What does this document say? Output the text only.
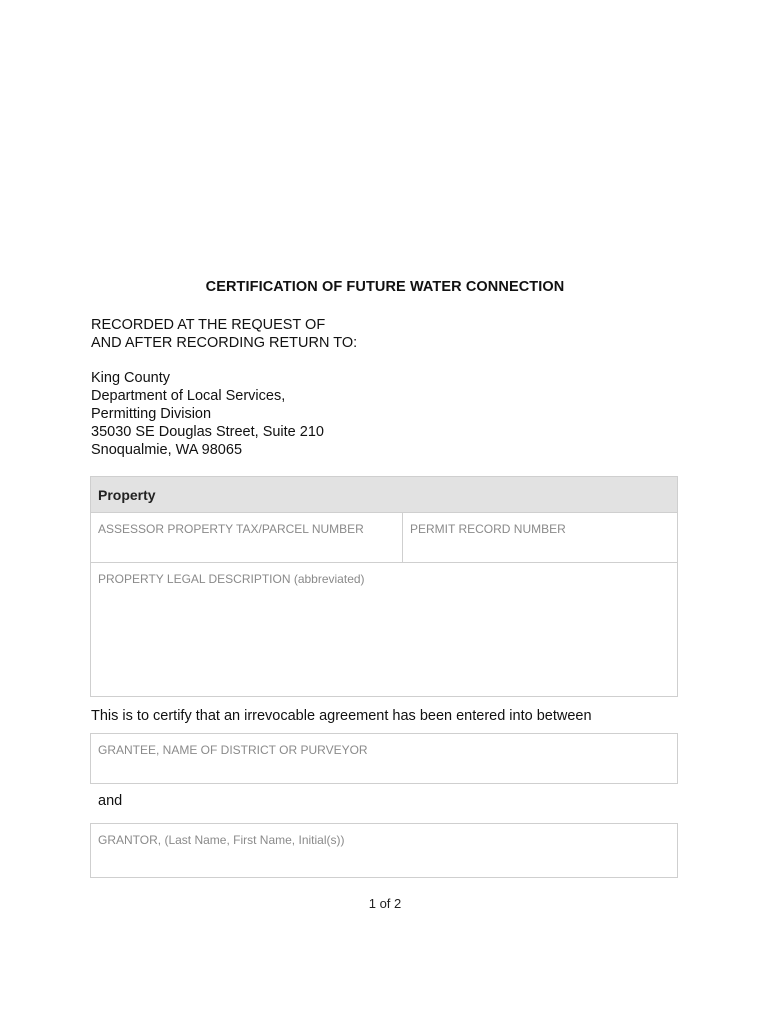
CERTIFICATION OF FUTURE WATER CONNECTION
RECORDED AT THE REQUEST OF
AND AFTER RECORDING RETURN TO:
King County
Department of Local Services,
Permitting Division
35030 SE Douglas Street, Suite 210
Snoqualmie, WA 98065
Property
ASSESSOR PROPERTY TAX/PARCEL NUMBER	PERMIT RECORD NUMBER
PROPERTY LEGAL DESCRIPTION (abbreviated)
This is to certify that an irrevocable agreement has been entered into between
GRANTEE, NAME OF DISTRICT OR PURVEYOR
and
GRANTOR, (Last Name, First Name, Initial(s))
1 of 2
